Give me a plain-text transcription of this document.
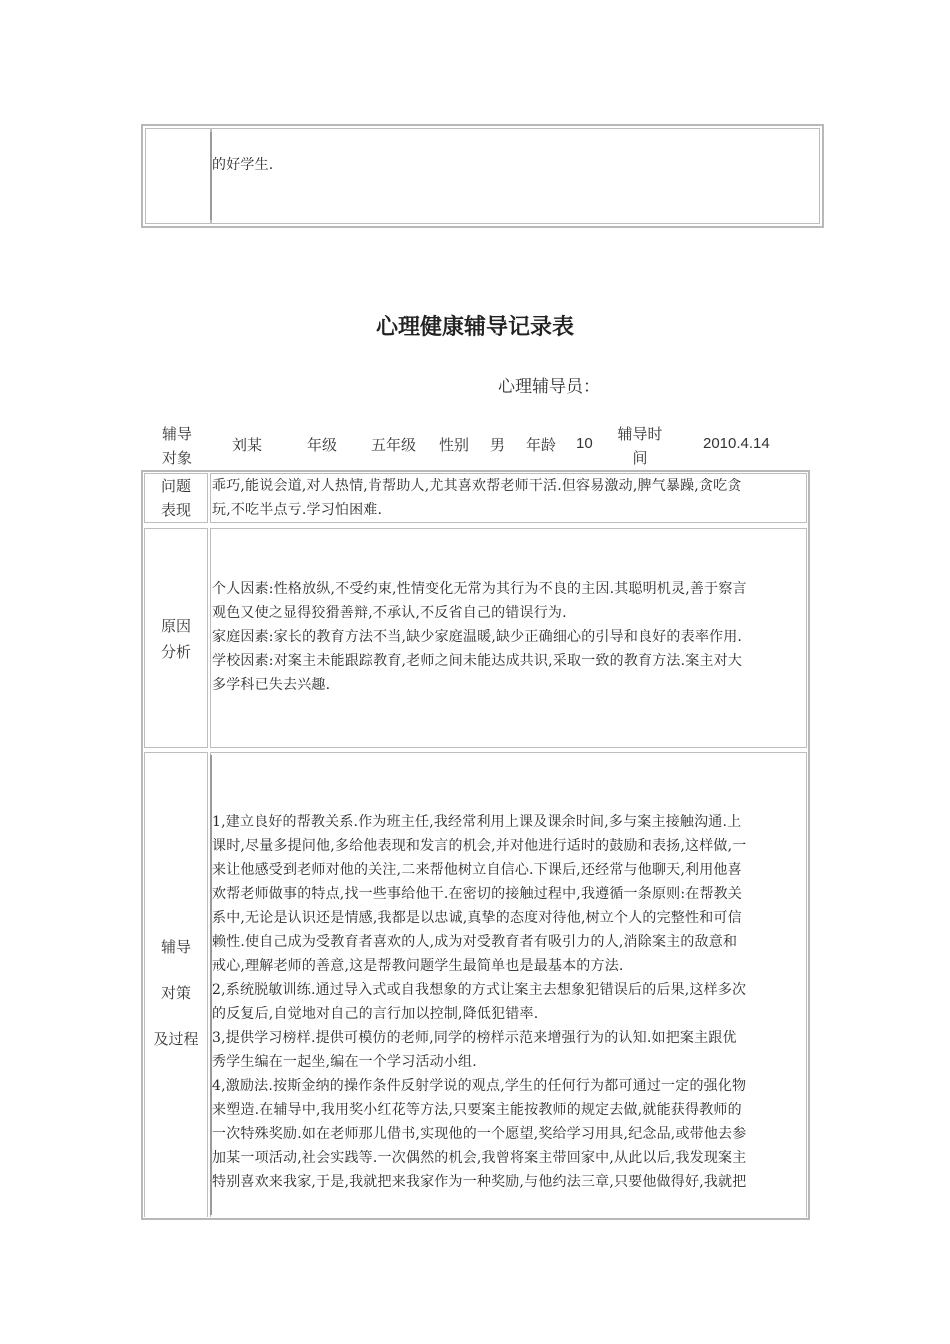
的好学生.
心理健康辅导记录表
心理辅导员：
辅导
对象
刘某	年级 五年级 性别 男 年龄 10
辅导时
间
2010.4.14
问题
表现
乖巧,能说会道,对人热情,肯帮助人,尤其喜欢帮老师干活.但容易激动,脾气暴躁,贪吃贪
玩,不吃半点亏.学习怕困难.
原因
分析
个人因素:性格放纵,不受约束,性情变化无常为其行为不良的主因.其聪明机灵,善于察言
观色又使之显得狡猾善辩,不承认,不反省自己的错误行为.
家庭因素:家长的教育方法不当,缺少家庭温暖,缺少正确细心的引导和良好的表率作用.
学校因素:对案主未能跟踪教育,老师之间未能达成共识,采取一致的教育方法.案主对大
多学科已失去兴趣.
辅导
对策
及过程
1,建立良好的帮教关系.作为班主任,我经常利用上课及课余时间,多与案主接触沟通.上
课时,尽量多提问他,多给他表现和发言的机会,并对他进行适时的鼓励和表扬,这样做,一
来让他感受到老师对他的关注,二来帮他树立自信心.下课后,还经常与他聊天,利用他喜
欢帮老师做事的特点,找一些事给他干.在密切的接触过程中,我遵循一条原则:在帮教关
系中,无论是认识还是情感,我都是以忠诚,真挚的态度对待他,树立个人的完整性和可信
赖性.使自己成为受教育者喜欢的人,成为对受教育者有吸引力的人,消除案主的敌意和
戒心,理解老师的善意,这是帮教问题学生最简单也是最基本的方法.
2,系统脱敏训练.通过导入式或自我想象的方式让案主去想象犯错误后的后果,这样多次
的反复后,自觉地对自己的言行加以控制,降低犯错率.
3,提供学习榜样.提供可模仿的老师,同学的榜样示范来增强行为的认知.如把案主跟优
秀学生编在一起坐,编在一个学习活动小组.
4,激励法.按斯金纳的操作条件反射学说的观点,学生的任何行为都可通过一定的强化物
来塑造.在辅导中,我用奖小红花等方法,只要案主能按教师的规定去做,就能获得教师的
一次特殊奖励.如在老师那儿借书,实现他的一个愿望,奖给学习用具,纪念品,或带他去参
加某一项活动,社会实践等.一次偶然的机会,我曾将案主带回家中,从此以后,我发现案主
特别喜欢来我家,于是,我就把来我家作为一种奖励,与他约法三章,只要他做得好,我就把
